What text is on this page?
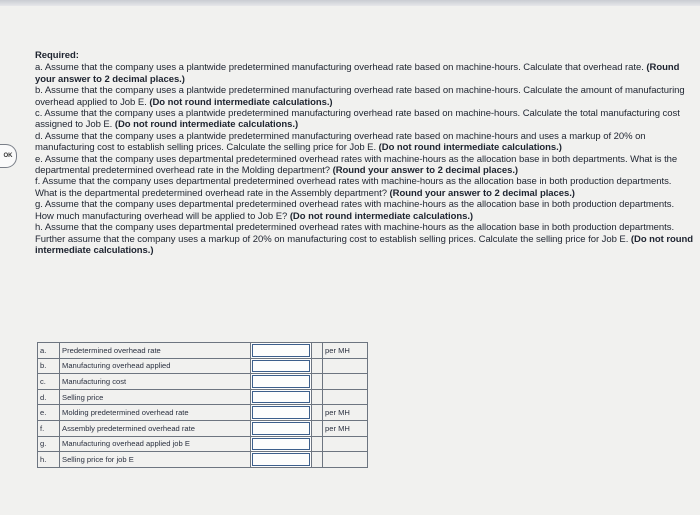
OK
Required:

a. Assume that the company uses a plantwide predetermined manufacturing overhead rate based on machine-hours. Calculate that overhead rate. (Round your answer to 2 decimal places.)

b. Assume that the company uses a plantwide predetermined manufacturing overhead rate based on machine-hours. Calculate the amount of manufacturing overhead applied to Job E. (Do not round intermediate calculations.)

c. Assume that the company uses a plantwide predetermined manufacturing overhead rate based on machine-hours. Calculate the total manufacturing cost assigned to Job E. (Do not round intermediate calculations.)

d. Assume that the company uses a plantwide predetermined manufacturing overhead rate based on machine-hours and uses a markup of 20% on manufacturing cost to establish selling prices. Calculate the selling price for Job E. (Do not round intermediate calculations.)

e. Assume that the company uses departmental predetermined overhead rates with machine-hours as the allocation base in both departments. What is the departmental predetermined overhead rate in the Molding department? (Round your answer to 2 decimal places.)

f. Assume that the company uses departmental predetermined overhead rates with machine-hours as the allocation base in both production departments. What is the departmental predetermined overhead rate in the Assembly department? (Round your answer to 2 decimal places.)

g. Assume that the company uses departmental predetermined overhead rates with machine-hours as the allocation base in both production departments. How much manufacturing overhead will be applied to Job E? (Do not round intermediate calculations.)

h. Assume that the company uses departmental predetermined overhead rates with machine-hours as the allocation base in both production departments. Further assume that the company uses a markup of 20% on manufacturing cost to establish selling prices. Calculate the selling price for Job E. (Do not round intermediate calculations.)

a.	Predetermined overhead rate			per MH
b.	Manufacturing overhead applied	

c.	Manufacturing cost	

d.	Selling price	

e.	Molding predetermined overhead rate			per MH
f.	Assembly predetermined overhead rate			per MH
g.	Manufacturing overhead applied job E	

h.	Selling price for job E	
